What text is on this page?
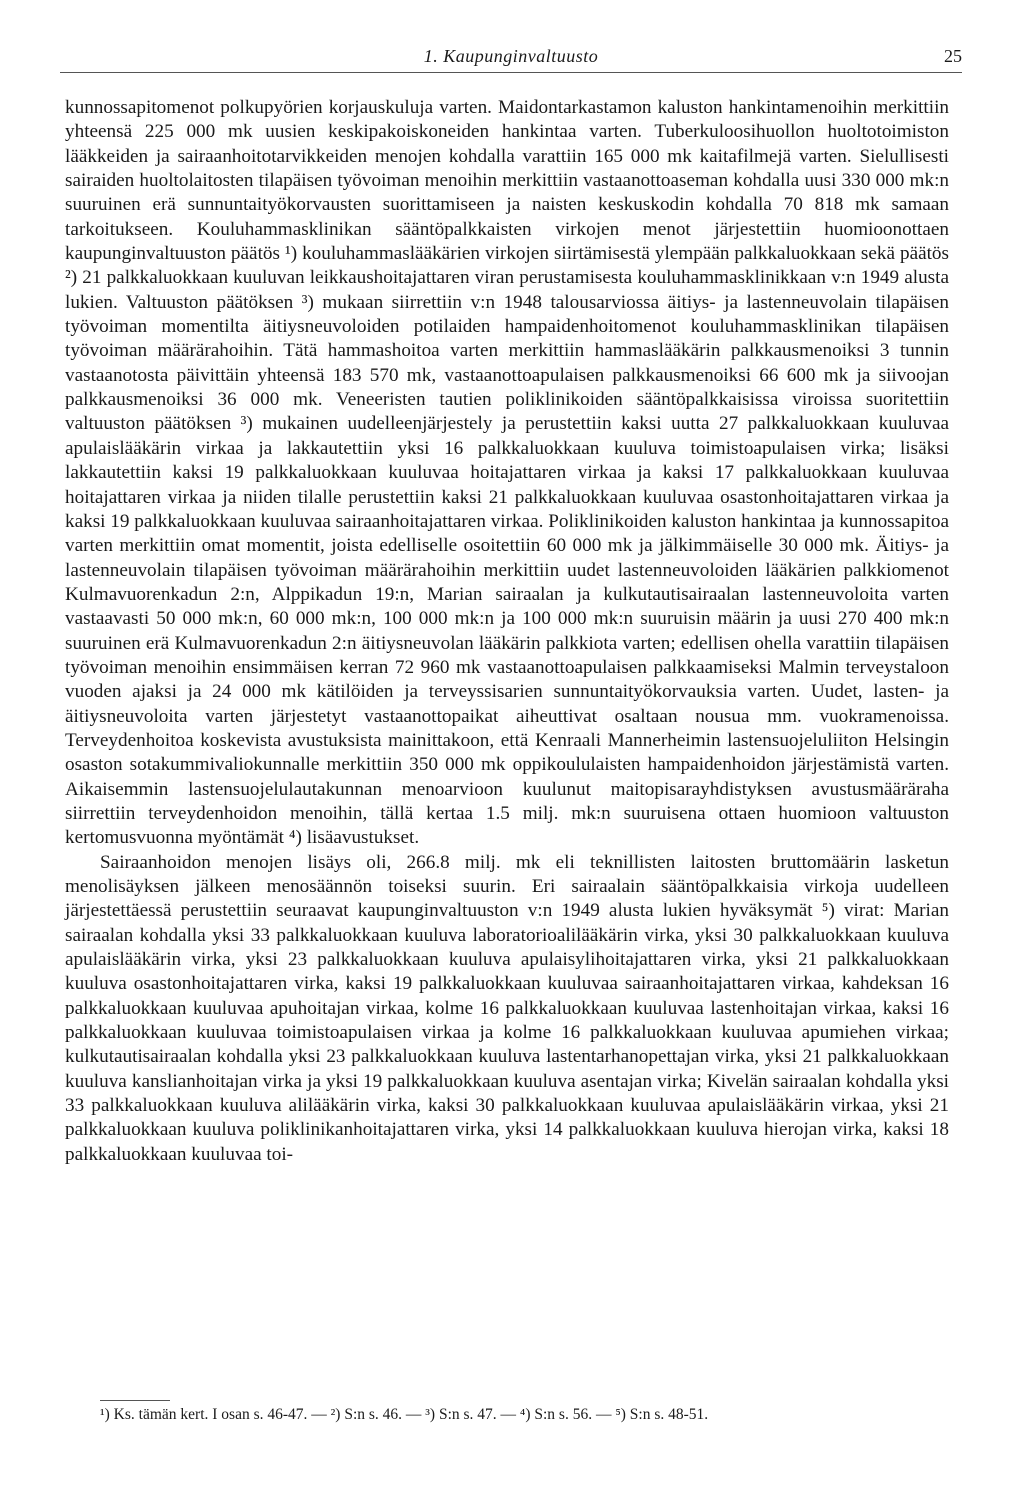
1. Kaupunginvaltuusto	25

kunnossapitomenot polkupyörien korjauskuluja varten. Maidontarkastamon kaluston hankintamenoihin merkittiin yhteensä 225 000 mk uusien keskipakoiskoneiden hankintaa varten. Tuberkuloosihuollon huoltotoimiston lääkkeiden ja sairaanhoitotarvikkeiden menojen kohdalla varattiin 165 000 mk kaitafilmejä varten. Sielullisesti sairaiden huoltolaitosten tilapäisen työvoiman menoihin merkittiin vastaanottoaseman kohdalla uusi 330 000 mk:n suuruinen erä sunnuntaityökorvausten suorittamiseen ja naisten keskuskodin kohdalla 70 818 mk samaan tarkoitukseen. Kouluhammasklinikan sääntöpalkkaisten virkojen menot järjestettiin huomioonottaen kaupunginvaltuuston päätös ¹) kouluhammaslääkärien virkojen siirtämisestä ylempään palkkaluokkaan sekä päätös ²) 21 palkkaluokkaan kuuluvan leikkaushoitajattaren viran perustamisesta kouluhammasklinikkaan v:n 1949 alusta lukien. Valtuuston päätöksen ³) mukaan siirrettiin v:n 1948 talousarviossa äitiys- ja lastenneuvolain tilapäisen työvoiman momentilta äitiysneuvoloiden potilaiden hampaidenhoitomenot kouluhammasklinikan tilapäisen työvoiman määrärahoihin. Tätä hammashoitoa varten merkittiin hammaslääkärin palkkausmenoiksi 3 tunnin vastaanotosta päivittäin yhteensä 183 570 mk, vastaanottoapulaisen palkkausmenoiksi 66 600 mk ja siivoojan palkkausmenoiksi 36 000 mk. Veneeristen tautien poliklinikoiden sääntöpalkkaisissa viroissa suoritettiin valtuuston päätöksen ³) mukainen uudelleenjärjestely ja perustettiin kaksi uutta 27 palkkaluokkaan kuuluvaa apulaislääkärin virkaa ja lakkautettiin yksi 16 palkkaluokkaan kuuluva toimistoapulaisen virka; lisäksi lakkautettiin kaksi 19 palkkaluokkaan kuuluvaa hoitajattaren virkaa ja kaksi 17 palkkaluokkaan kuuluvaa hoitajattaren virkaa ja niiden tilalle perustettiin kaksi 21 palkkaluokkaan kuuluvaa osastonhoitajattaren virkaa ja kaksi 19 palkkaluokkaan kuuluvaa sairaanhoitajattaren virkaa. Poliklinikoiden kaluston hankintaa ja kunnossapitoa varten merkittiin omat momentit, joista edelliselle osoitettiin 60 000 mk ja jälkimmäiselle 30 000 mk. Äitiys- ja lastenneuvolain tilapäisen työvoiman määrärahoihin merkittiin uudet lastenneuvoloiden lääkärien palkkiomenot Kulmavuorenkadun 2:n, Alppikadun 19:n, Marian sairaalan ja kulkutautisairaalan lastenneuvoloita varten vastaavasti 50 000 mk:n, 60 000 mk:n, 100 000 mk:n ja 100 000 mk:n suuruisin määrin ja uusi 270 400 mk:n suuruinen erä Kulmavuorenkadun 2:n äitiysneuvolan lääkärin palkkiota varten; edellisen ohella varattiin tilapäisen työvoiman menoihin ensimmäisen kerran 72 960 mk vastaanottoapulaisen palkkaamiseksi Malmin terveystaloon vuoden ajaksi ja 24 000 mk kätilöiden ja terveyssisarien sunnuntaityökorvauksia varten. Uudet, lasten- ja äitiysneuvoloita varten järjestetyt vastaanottopaikat aiheuttivat osaltaan nousua mm. vuokramenoissa. Terveydenhoitoa koskevista avustuksista mainittakoon, että Kenraali Mannerheimin lastensuojeluliiton Helsingin osaston sotakummivaliokunnalle merkittiin 350 000 mk oppikoululaisten hampaidenhoidon järjestämistä varten. Aikaisemmin lastensuojelulautakunnan menoarvioon kuulunut maitopisarayhdistyksen avustusmääräraha siirrettiin terveydenhoidon menoihin, tällä kertaa 1.5 milj. mk:n suuruisena ottaen huomioon valtuuston kertomusvuonna myöntämät ⁴) lisäavustukset.

Sairaanhoidon menojen lisäys oli, 266.8 milj. mk eli teknillisten laitosten bruttomäärin lasketun menolisäyksen jälkeen menosäännön toiseksi suurin. Eri sairaalain sääntöpalkkaisia virkoja uudelleen järjestettäessä perustettiin seuraavat kaupunginvaltuuston v:n 1949 alusta lukien hyväksymät ⁵) virat: Marian sairaalan kohdalla yksi 33 palkkaluokkaan kuuluva laboratorioalilääkärin virka, yksi 30 palkkaluokkaan kuuluva apulaislääkärin virka, yksi 23 palkkaluokkaan kuuluva apulaisylihoitajattaren virka, yksi 21 palkkaluokkaan kuuluva osastonhoitajattaren virka, kaksi 19 palkkaluokkaan kuuluvaa sairaanhoitajattaren virkaa, kahdeksan 16 palkkaluokkaan kuuluvaa apuhoitajan virkaa, kolme 16 palkkaluokkaan kuuluvaa lastenhoitajan virkaa, kaksi 16 palkkaluokkaan kuuluvaa toimistoapulaisen virkaa ja kolme 16 palkkaluokkaan kuuluvaa apumiehen virkaa; kulkutautisairaalan kohdalla yksi 23 palkkaluokkaan kuuluva lastentarhanopettajan virka, yksi 21 palkkaluokkaan kuuluva kanslianhoitajan virka ja yksi 19 palkkaluokkaan kuuluva asentajan virka; Kivelän sairaalan kohdalla yksi 33 palkkaluokkaan kuuluva alilääkärin virka, kaksi 30 palkkaluokkaan kuuluvaa apulaislääkärin virkaa, yksi 21 palkkaluokkaan kuuluva poliklinikanhoitajattaren virka, yksi 14 palkkaluokkaan kuuluva hierojan virka, kaksi 18 palkkaluokkaan kuuluvaa toi-

¹) Ks. tämän kert. I osan s. 46-47. — ²) S:n s. 46. — ³) S:n s. 47. — ⁴) S:n s. 56. — ⁵) S:n s. 48-51.
